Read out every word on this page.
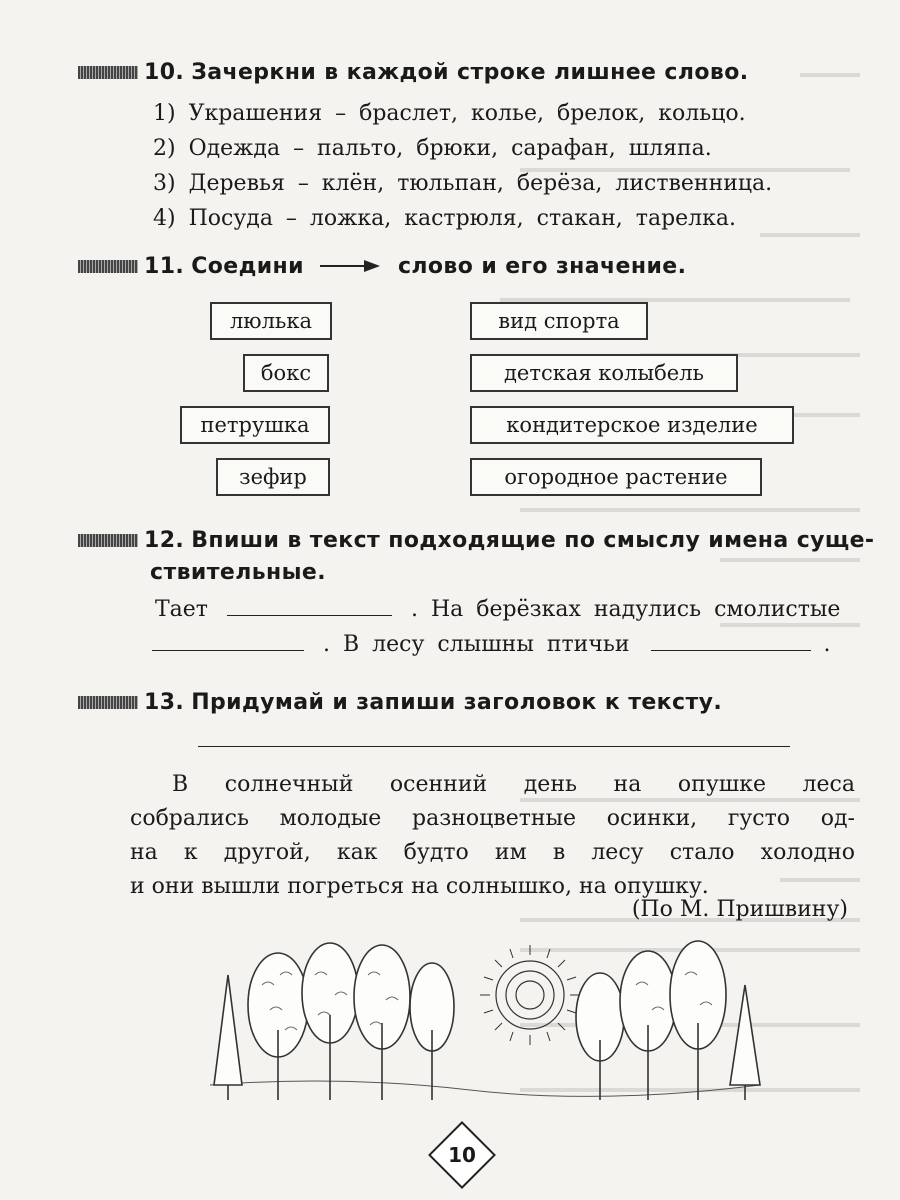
10. Зачеркни в каждой строке лишнее слово.
1) Украшения – браслет, колье, брелок, кольцо.
2) Одежда – пальто, брюки, сарафан, шляпа.
3) Деревья – клён, тюльпан, берёза, лиственница.
4) Посуда – ложка, кастрюля, стакан, тарелка.
11. Соедини	слово и его значение.
люлька
бокс
петрушка
зефир
вид спорта
детская колыбель
кондитерское изделие
огородное растение
12. Впиши в текст подходящие по смыслу имена суще-
ствительные.
Тает	. На берёзках надулись смолистые
. В лесу слышны птичьи	.
13. Придумай и запиши заголовок к тексту.

В солнечный осенний день на опушке леса

собрались молодые разноцветные осинки, густо од-

на к другой, как будто им в лесу стало холодно

и они вышли погреться на солнышко, на опушку.

(По М. Пришвину)
10
